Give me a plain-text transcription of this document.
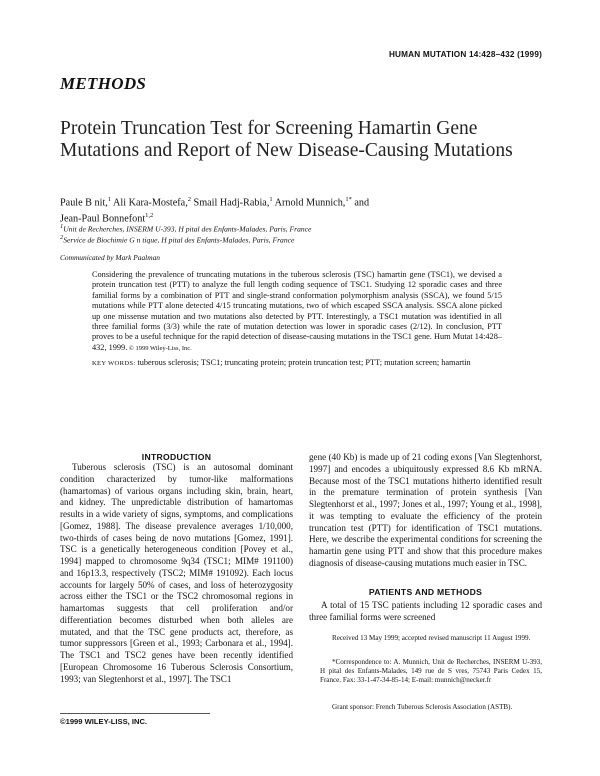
HUMAN MUTATION 14:428–432 (1999)
METHODS
Protein Truncation Test for Screening Hamartin Gene Mutations and Report of New Disease-Causing Mutations
Paule B nit,$^1$ Ali Kara-Mostefa,$^2$ Smail Hadj-Rabia,$^1$ Arnold Munnich,$^{1*}$ and
Jean-Paul Bonnefont$^{1,2}$
$^1$Unit de Recherches, INSERM U-393, H pital des Enfants-Malades, Paris, France
$^2$Service de Biochimie G n tique, H pital des Enfants-Malades, Paris, France
Communicated by Mark Paalman
Considering the prevalence of truncating mutations in the tuberous sclerosis (TSC) hamartin gene (TSC1), we devised a protein truncation test (PTT) to analyze the full length coding sequence of TSC1. Studying 12 sporadic cases and three familial forms by a combination of PTT and single-strand conformation polymorphism analysis (SSCA), we found 5/15 mutations while PTT alone detected 4/15 truncating mutations, two of which escaped SSCA analysis. SSCA alone picked up one missense mutation and two mutations also detected by PTT. Interestingly, a TSC1 mutation was identified in all three familial forms (3/3) while the rate of mutation detection was lower in sporadic cases (2/12). In conclusion, PTT proves to be a useful technique for the rapid detection of disease-causing mutations in the TSC1 gene. Hum Mutat 14:428–432, 1999. © 1999 Wiley-Liss, Inc.
KEY WORDS: tuberous sclerosis; TSC1; truncating protein; protein truncation test; PTT; mutation screen; hamartin
INTRODUCTION
Tuberous sclerosis (TSC) is an autosomal dominant condition characterized by tumor-like malformations (hamartomas) of various organs including skin, brain, heart, and kidney. The unpredictable distribution of hamartomas results in a wide variety of signs, symptoms, and complications [Gomez, 1988]. The disease prevalence averages 1/10,000, two-thirds of cases being de novo mutations [Gomez, 1991]. TSC is a genetically heterogeneous condition [Povey et al., 1994] mapped to chromosome 9q34 (TSC1; MIM# 191100) and 16p13.3, respectively (TSC2; MIM# 191092). Each locus accounts for largely 50% of cases, and loss of heterozygosity across either the TSC1 or the TSC2 chromosomal regions in hamartomas suggests that cell proliferation and/or differentiation becomes disturbed when both alleles are mutated, and that the TSC gene products act, therefore, as tumor suppressors [Green et al., 1993; Carbonara et al., 1994]. The TSC1 and TSC2 genes have been recently identified [European Chromosome 16 Tuberous Sclerosis Consortium, 1993; van Slegtenhorst et al., 1997]. The TSC1
gene (40 Kb) is made up of 21 coding exons [Van Slegtenhorst, 1997] and encodes a ubiquitously expressed 8.6 Kb mRNA. Because most of the TSC1 mutations hitherto identified result in the premature termination of protein synthesis [Van Slegtenhorst et al., 1997; Jones et al., 1997; Young et al., 1998], it was tempting to evaluate the efficiency of the protein truncation test (PTT) for identification of TSC1 mutations. Here, we describe the experimental conditions for screening the hamartin gene using PTT and show that this procedure makes diagnosis of disease-causing mutations much easier in TSC.
PATIENTS AND METHODS
A total of 15 TSC patients including 12 sporadic cases and three familial forms were screened
Received 13 May 1999; accepted revised manuscript 11 August 1999.
*Correspondence to: A. Munnich, Unit de Recherches, INSERM U-393, H pital des Enfants-Malades, 149 rue de S vres, 75743 Paris Cedex 15, France. Fax: 33-1-47-34-85-14; E-mail: munnich@necker.fr
Grant sponsor: French Tuberous Sclerosis Association (ASTB).
©1999 WILEY-LISS, INC.
